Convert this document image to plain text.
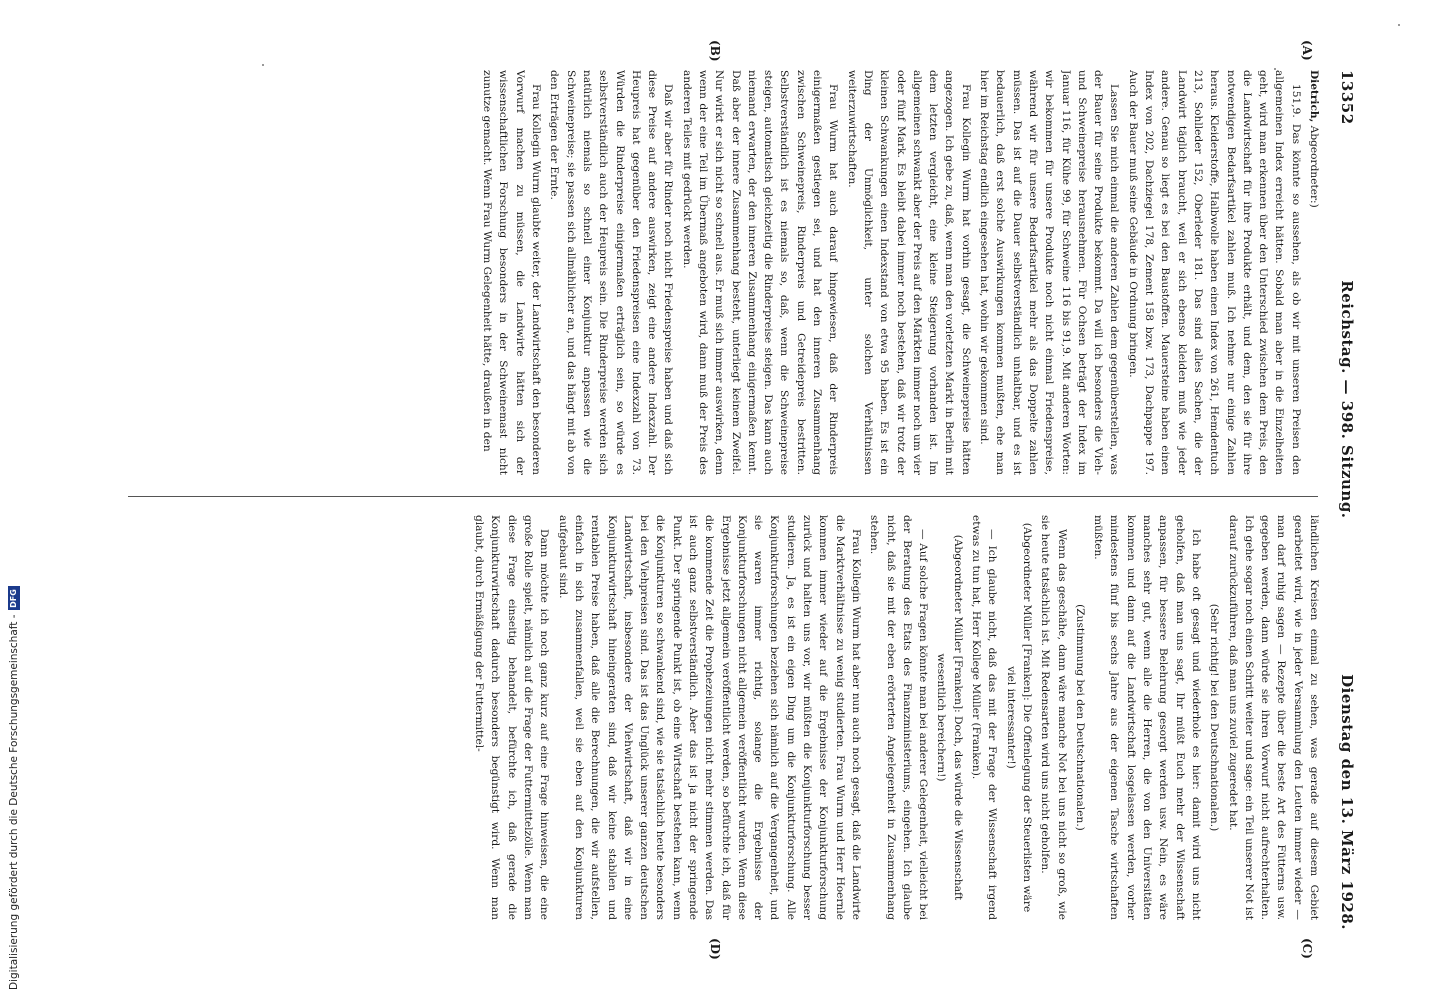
13352
Reichstag. — 398. Sitzung.
Dienstag den 13. März 1928.
(A)
(B)
(C)
(D)

Dietrich, Abgeordneter:)

151,9. Das könnte so aussehen, als ob wir mit unseren Preisen den allgemeinen Index erreicht hätten. Sobald man aber in die Einzelheiten geht, wird man erkennen über den Unterschied zwischen dem Preis, den die Landwirtschaft für ihre Produkte erhält, und dem, den sie für ihre notwendigen Bedarfsartikel zahlen muß. Ich nehme nur einige Zahlen heraus. Kleiderstoffe, Halbwolle haben einen Index von 261, Hemdentuch 213, Sohlleder 152, Oberleder 181. Das sind alles Sachen, die der Landwirt täglich braucht, weil er sich ebenso kleiden muß wie jeder andere. Genau so liegt es bei den Baustoffen. Mauersteine haben einen Index von 202, Dachziegel 178, Zement 158 bzw. 173, Dachpappe 197. Auch der Bauer muß seine Gebäude in Ordnung bringen.

Lassen Sie mich einmal die anderen Zahlen dem gegenüberstellen, was der Bauer für seine Produkte bekommt. Da will ich besonders die Vieh- und Schweinepreise herausnehmen. Für Ochsen beträgt der Index im Januar 116, für Kühe 99, für Schweine 116 bis 91,9. Mit anderen Worten: wir bekommen für unsere Produkte noch nicht einmal Friedenspreise, während wir für unsere Bedarfsartikel mehr als das Doppelte zahlen müssen. Das ist auf die Dauer selbstverständlich unhaltbar, und es ist bedauerlich, daß erst solche Auswirkungen kommen mußten, ehe man hier im Reichstag endlich eingesehen hat, wohin wir gekommen sind.

Frau Kollegin Wurm hat vorhin gesagt, die Schweinepreise hätten angezogen. Ich gebe zu, daß, wenn man den vorletzten Markt in Berlin mit dem letzten vergleicht, eine kleine Steigerung vorhanden ist. Im allgemeinen schwankt aber der Preis auf den Märkten immer noch um vier oder fünf Mark. Es bleibt dabei immer noch bestehen, daß wir trotz der kleinen Schwankungen einen Indexstand von etwa 95 haben. Es ist ein Ding der Unmöglichkeit, unter solchen Verhältnissen weiterzuwirtschaften.

Frau Wurm hat auch darauf hingewiesen, daß der Rinderpreis einigermaßen gestiegen sei, und hat den inneren Zusammenhang zwischen Schweinepreis, Rinderpreis und Getreidepreis bestritten. Selbstverständlich ist es niemals so, daß, wenn die Schweinepreise steigen, automatisch gleichzeitig die Rinderpreise steigen. Das kann auch niemand erwarten, der den inneren Zusammenhang einigermaßen kennt. Daß aber der innere Zusammenhang besteht, unterliegt keinem Zweifel. Nur wirkt er sich nicht so schnell aus. Er muß sich immer auswirken, denn wenn der eine Teil im Übermaß angeboten wird, dann muß der Preis des anderen Teiles mit gedrückt werden.

Daß wir aber für Rinder noch nicht Friedenspreise haben und daß sich diese Preise auf andere auswirken, zeigt eine andere Indexzahl. Der Heupreis hat gegenüber den Friedenspreisen eine Indexzahl von 73. Würden die Rinderpreise einigermaßen erträglich sein, so würde es selbstverständlich auch der Heupreis sein. Die Rinderpreise werden sich natürlich niemals so schnell einer Konjunktur anpassen wie die Schweinepreise; sie passen sich allmählicher an, und das hängt mit ab von den Erträgen der Ernte.

Frau Kollegin Wurm glaubte weiter, der Landwirtschaft den besonderen Vorwurf machen zu müssen, die Landwirte hätten sich der wissenschaftlichen Forschung besonders in der Schweinemast nicht zunutze gemacht. Wenn Frau Wurm Gelegenheit hätte, draußen in den

ländlichen Kreisen einmal zu sehen, was gerade auf diesem Gebiet gearbeitet wird, wie in jeder Versammlung den Leuten immer wieder — man darf ruhig sagen — Rezepte über die beste Art des Fütterns usw. gegeben werden, dann würde sie ihren Vorwurf nicht aufrechterhalten. Ich gehe sogar noch einen Schritt weiter und sage: ein Teil unserer Not ist darauf zurückzuführen, daß man uns zuviel zugeredet hat.

(Sehr richtig! bei den Deutschnationalen.)

Ich habe oft gesagt und wiederhole es hier: damit wird uns nicht geholfen, daß man uns sagt, Ihr müßt Euch mehr der Wissenschaft anpassen, für bessere Belehrung gesorgt werden usw. Nein, es wäre manches sehr gut, wenn alle die Herren, die von den Universitäten kommen und dann auf die Landwirtschaft losgelassen werden, vorher mindestens fünf bis sechs Jahre aus der eigenen Tasche wirtschaften müßten.

(Zustimmung bei den Deutschnationalen.)

Wenn das geschähe, dann wäre manche Not bei uns nicht so groß, wie sie heute tatsächlich ist. Mit Redensarten wird uns nicht geholfen.

(Abgeordneter Müller [Franken]: Die Offenlegung der Steuerlisten wäre viel interessanter!)

— Ich glaube nicht, daß das mit der Frage der Wissenschaft irgend etwas zu tun hat, Herr Kollege Müller (Franken).

(Abgeordneter Müller [Franken]: Doch, das würde die Wissenschaft wesentlich bereichern!)

— Auf solche Fragen könnte man bei anderer Gelegenheit, vielleicht bei der Beratung des Etats des Finanzministeriums, eingehen. Ich glaube nicht, daß sie mit der eben erörterten Angelegenheit in Zusammenhang stehen.

Frau Kollegin Wurm hat aber nun auch noch gesagt, daß die Landwirte die Marktverhältnisse zu wenig studierten. Frau Wurm und Herr Hoernle kommen immer wieder auf die Ergebnisse der Konjunkturforschung zurück und halten uns vor, wir müßten die Konjunkturforschung besser studieren. Ja, es ist ein eigen Ding um die Konjunkturforschung. Alle Konjunkturforschungen beziehen sich nämlich auf die Vergangenheit, und sie waren immer richtig, solange die Ergebnisse der Konjunkturforschungen nicht allgemein veröffentlicht wurden. Wenn diese Ergebnisse jetzt allgemein veröffentlicht werden, so befürchte ich, daß für die kommende Zeit die Prophezeiungen nicht mehr stimmen werden. Das ist auch ganz selbstverständlich. Aber das ist ja nicht der springende Punkt. Der springende Punkt ist, ob eine Wirtschaft bestehen kann, wenn die Konjunkturen so schwankend sind, wie sie tatsächlich heute besonders bei den Viehpreisen sind. Das ist das Unglück unserer ganzen deutschen Landwirtschaft, insbesondere der Viehwirtschaft, daß wir in eine Konjunkturwirtschaft hineingeraten sind, daß wir keine stabilen und rentablen Preise haben, daß alle die Berechnungen, die wir aufstellen, einfach in sich zusammenfallen, weil sie eben auf den Konjunkturen aufgebaut sind.

Dann möchte ich noch ganz kurz auf eine Frage hinweisen, die eine große Rolle spielt, nämlich auf die Frage der Futtermittelzölle. Wenn man diese Frage einseitig behandelt, befürchte ich, daß gerade die Konjunkturwirtschaft dadurch besonders begünstigt wird. Wenn man glaubt, durch Ermäßigung der Futtermittel-

Digitalisierung gefördert durch die Deutsche Forschungsgemeinschaft -
DFG
